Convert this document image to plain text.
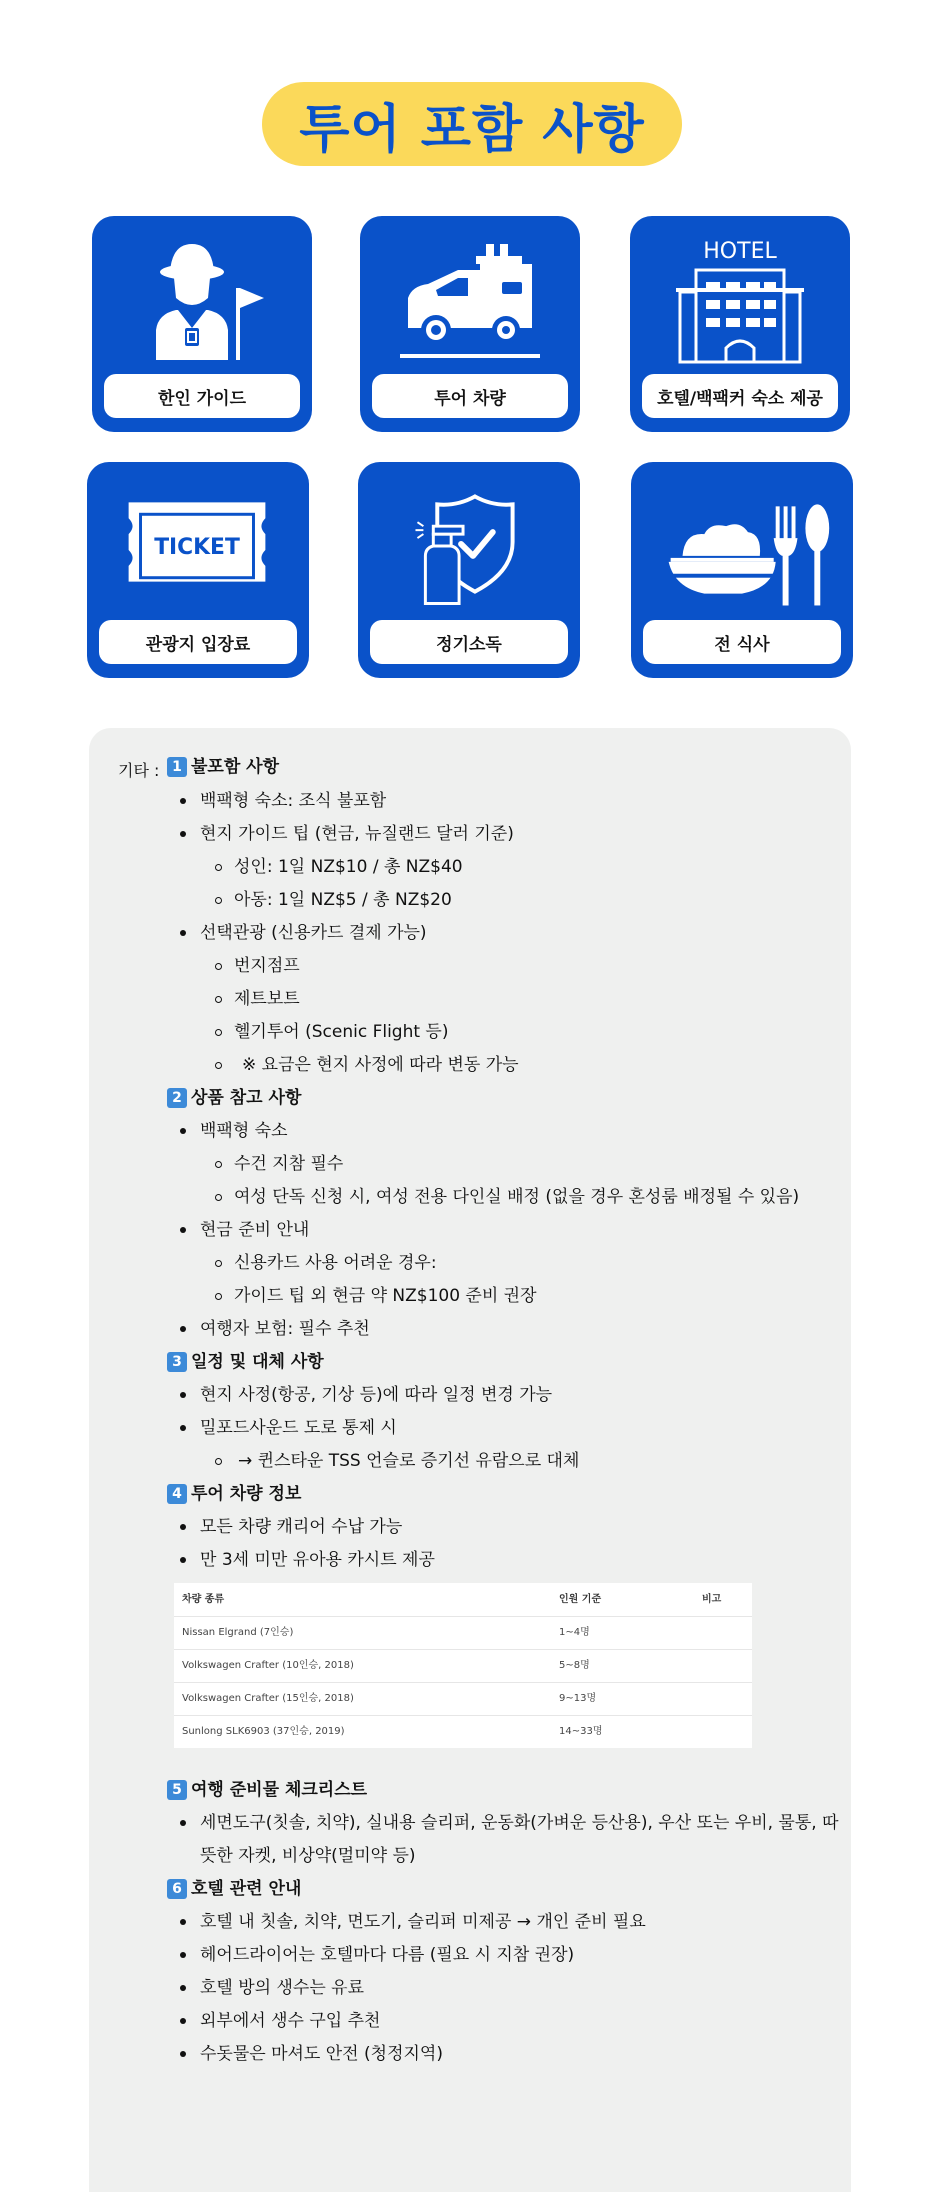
투어 포함 사항
한인 가이드	투어 차량
HOTEL
호텔/백팩커 숙소 제공
TICKET
관광지 입장료	정기소독	전 식사
기타 : 1 불포함 사항
백팩형 숙소: 조식 불포함
현지 가이드 팁 (현금, 뉴질랜드 달러 기준)
성인: 1일 NZ$10 / 총 NZ$40
아동: 1일 NZ$5 / 총 NZ$20
선택관광 (신용카드 결제 가능)
번지점프
제트보트
헬기투어 (Scenic Flight 등)
※ 요금은 현지 사정에 따라 변동 가능
2 상품 참고 사항
백팩형 숙소
수건 지참 필수
여성 단독 신청 시, 여성 전용 다인실 배정 (없을 경우 혼성룸 배정될 수 있음)
현금 준비 안내
신용카드 사용 어려운 경우:
가이드 팁 외 현금 약 NZ$100 준비 권장
여행자 보험: 필수 추천
3 일정 및 대체 사항
현지 사정(항공, 기상 등)에 따라 일정 변경 가능
밀포드사운드 도로 통제 시
→ 퀸스타운 TSS 언슬로 증기선 유람으로 대체
4 투어 차량 정보
모든 차량 캐리어 수납 가능
만 3세 미만 유아용 카시트 제공
차량 종류	인원 기준	비고
Nissan Elgrand (7인승)	1~4명
Volkswagen Crafter (10인승, 2018)	5~8명
Volkswagen Crafter (15인승, 2018)	9~13명
Sunlong SLK6903 (37인승, 2019)	14~33명
5 여행 준비물 체크리스트
세면도구(칫솔, 치약), 실내용 슬리퍼, 운동화(가벼운 등산용), 우산 또는 우비, 물통, 따
뜻한 자켓, 비상약(멀미약 등)
6 호텔 관련 안내
호텔 내 칫솔, 치약, 면도기, 슬리퍼 미제공 → 개인 준비 필요
헤어드라이어는 호텔마다 다름 (필요 시 지참 권장)
호텔 방의 생수는 유료
외부에서 생수 구입 추천
수돗물은 마셔도 안전 (청정지역)
